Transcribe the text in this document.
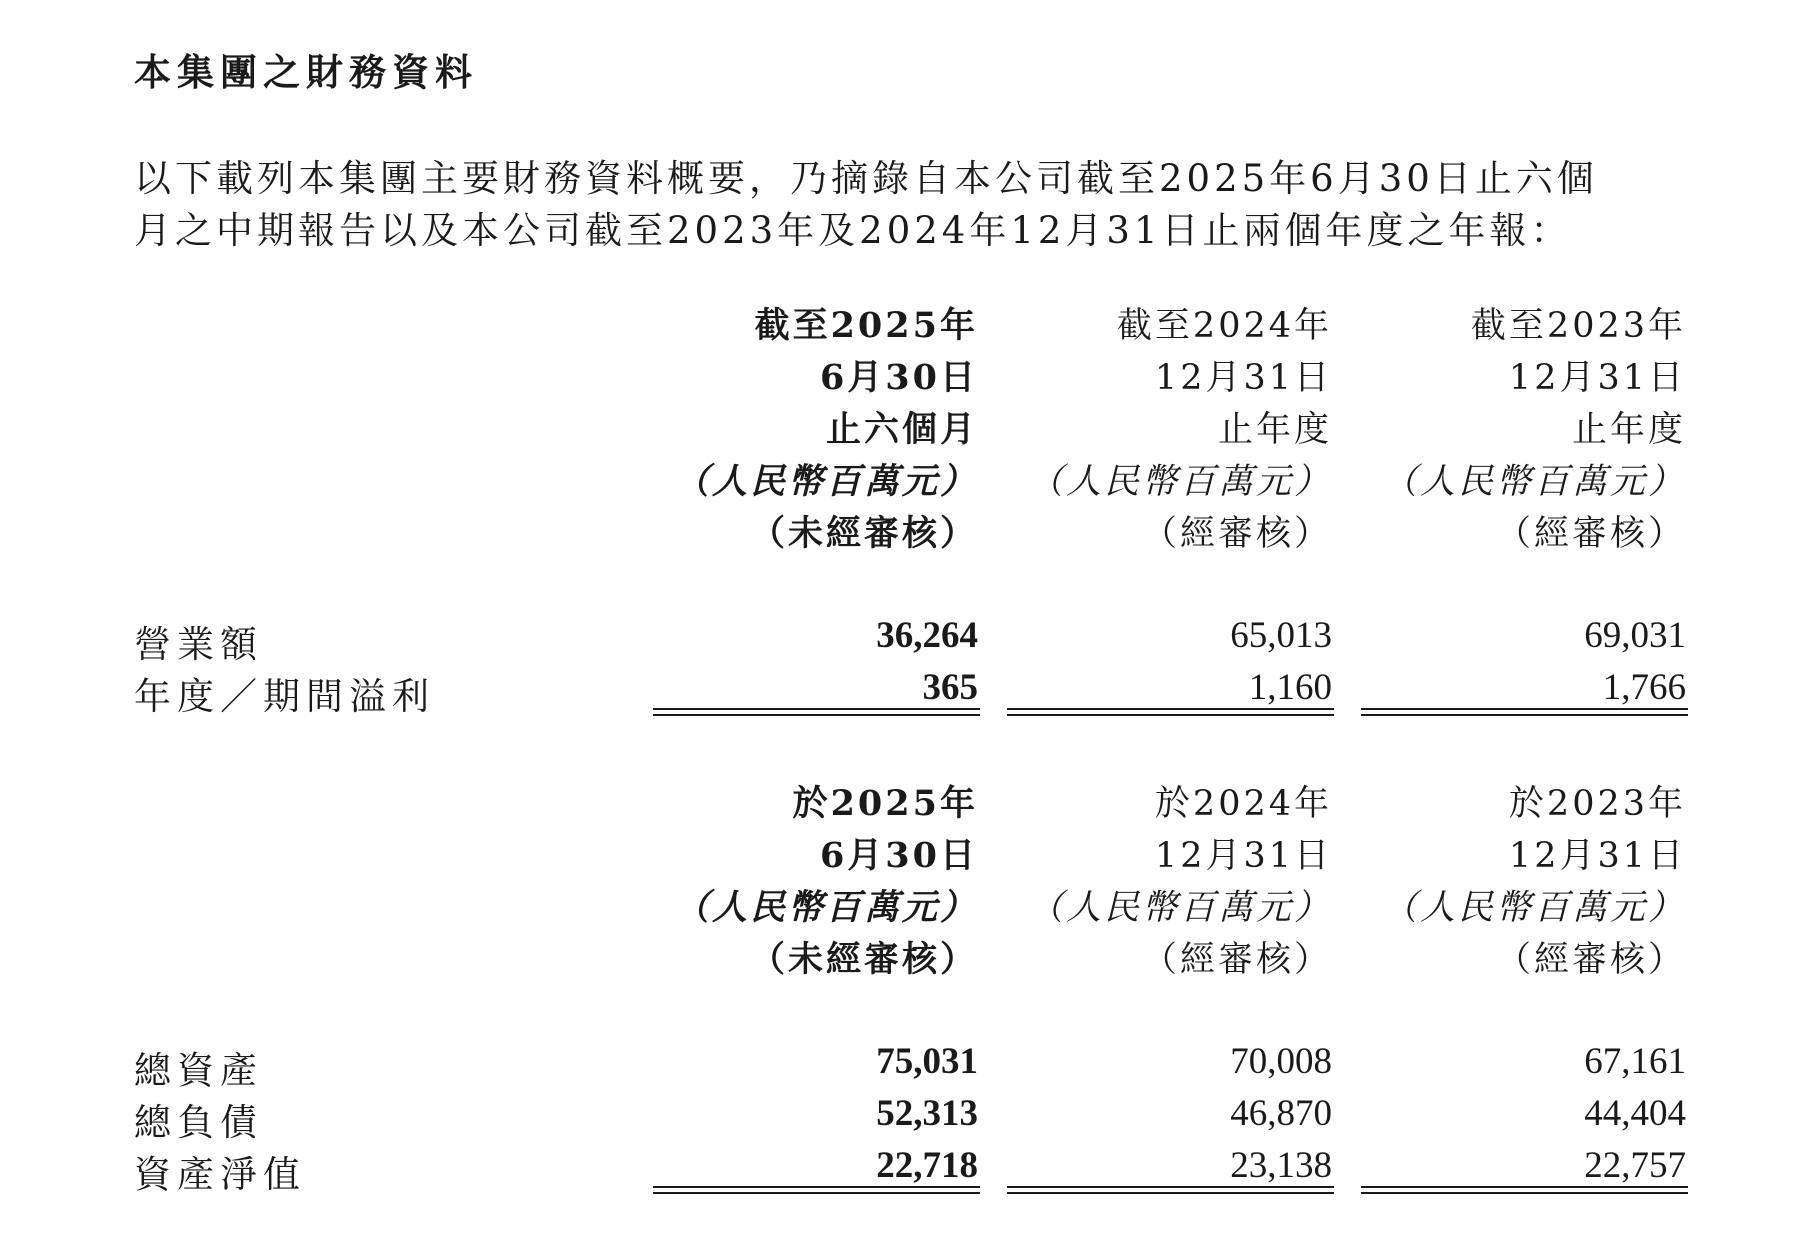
本集團之財務資料
以下載列本集團主要財務資料概要，乃摘錄自本公司截至2025年6月30日止六個
月之中期報告以及本公司截至2023年及2024年12月31日止兩個年度之年報：
截至2025年
6月30日
止六個月
（人民幣百萬元）
（未經審核）
截至2024年
12月31日
止年度
（人民幣百萬元）
（經審核）
截至2023年
12月31日
止年度
（人民幣百萬元）
（經審核）
營業額	36,264	65,013	69,031
年度／期間溢利	365	1,160	1,766
於2025年
6月30日
（人民幣百萬元）
（未經審核）
於2024年
12月31日
（人民幣百萬元）
（經審核）
於2023年
12月31日
（人民幣百萬元）
（經審核）
總資產	75,031	70,008	67,161
總負債	52,313	46,870	44,404
資產淨值	22,718	23,138	22,757
